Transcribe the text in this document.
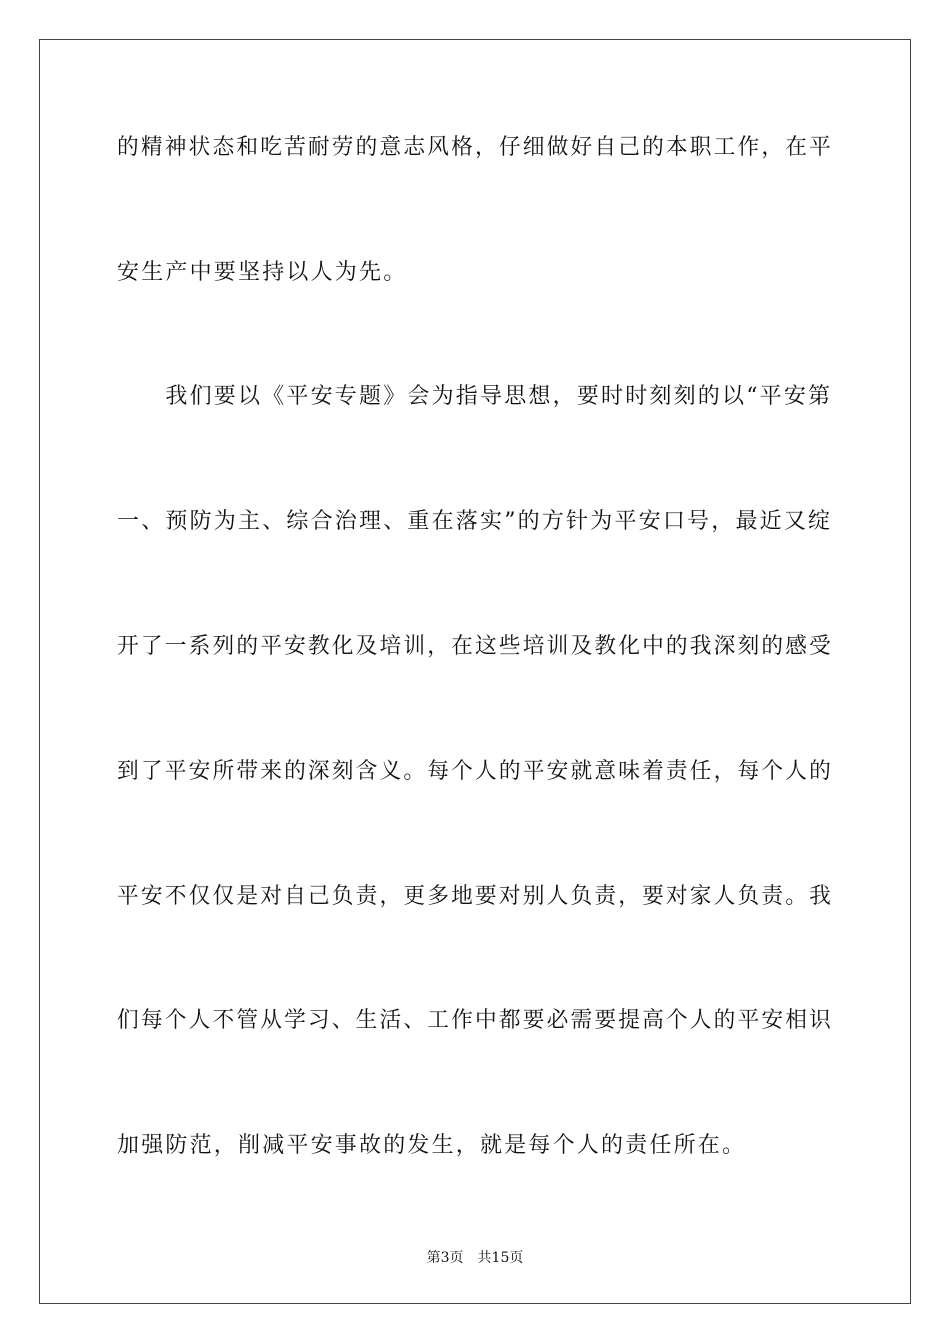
的精神状态和吃苦耐劳的意志风格，仔细做好自己的本职工作，在平
安生产中要坚持以人为先。
　　我们要以《平安专题》会为指导思想，要时时刻刻的以“平安第
一、预防为主、综合治理、重在落实”的方针为平安口号，最近又绽
开了一系列的平安教化及培训，在这些培训及教化中的我深刻的感受
到了平安所带来的深刻含义。每个人的平安就意味着责任，每个人的
平安不仅仅是对自己负责，更多地要对别人负责，要对家人负责。我
们每个人不管从学习、生活、工作中都要必需要提高个人的平安相识
加强防范，削减平安事故的发生，就是每个人的责任所在。
第3页　共15页
